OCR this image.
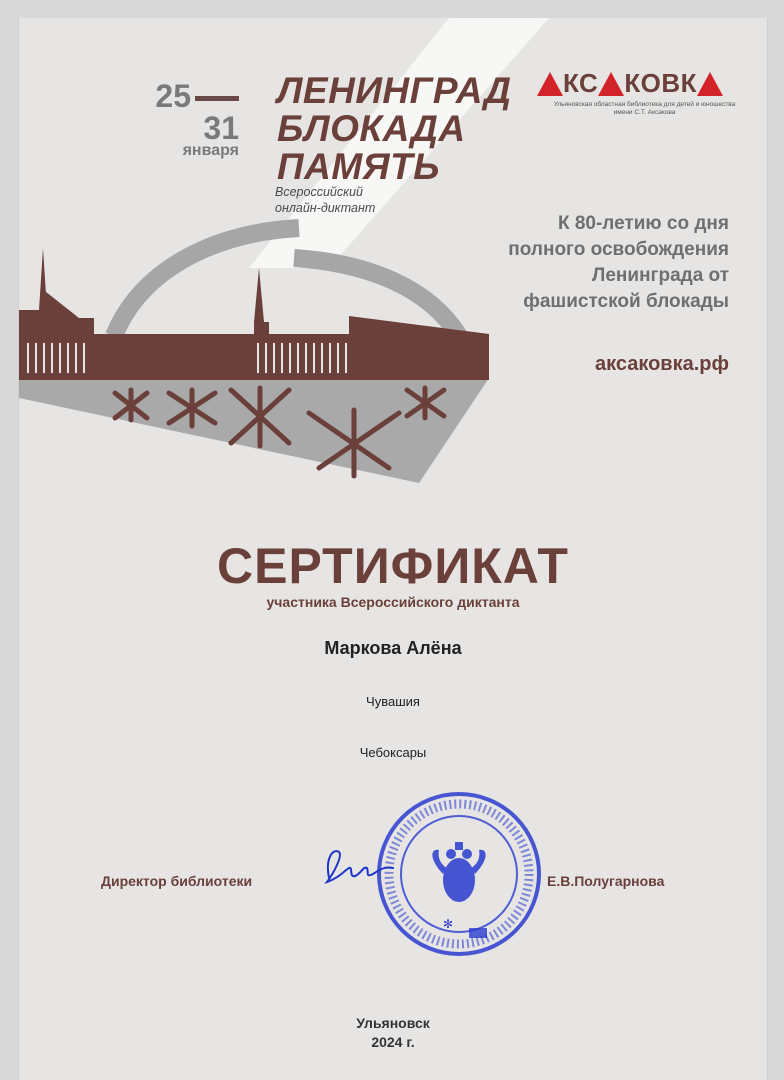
25
31
января
ЛЕНИНГРАД
БЛОКАДА
ПАМЯТЬ
Всероссийский
онлайн-диктант
КС КОВК
Ульяновская областная библиотека для детей и юношества
имени С.Т. Аксакова
К 80-летию со дня
полного освобождения
Ленинграда от
фашистской блокады
аксаковка.рф
СЕРТИФИКАТ
участника Всероссийского диктанта
Маркова Алёна
Чувашия
Чебоксары
Директор библиотеки	Е.В.Полугарнова
✻
Ульяновск
2024 г.
